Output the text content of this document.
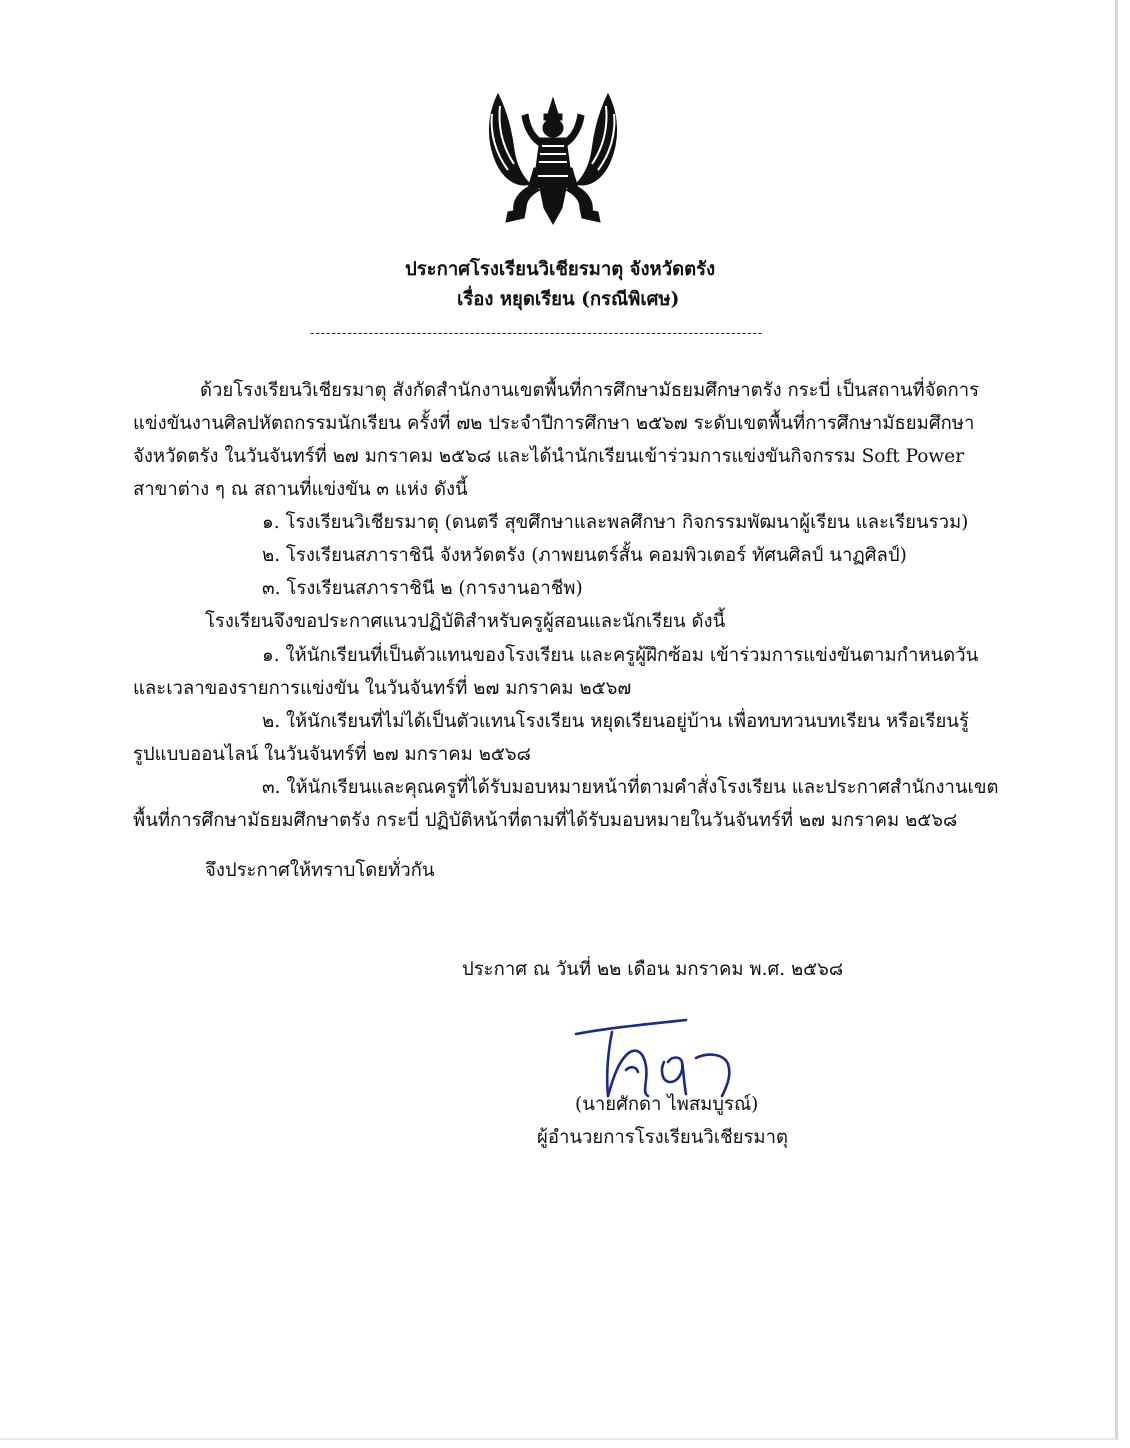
ประกาศโรงเรียนวิเชียรมาตุ จังหวัดตรัง
เรื่อง หยุดเรียน (กรณีพิเศษ)
-------------------------------------------------------------------------------------
ด้วยโรงเรียนวิเชียรมาตุ สังกัดสำนักงานเขตพื้นที่การศึกษามัธยมศึกษาตรัง กระบี่ เป็นสถานที่จัดการ
แข่งขันงานศิลปหัตถกรรมนักเรียน ครั้งที่ ๗๒ ประจำปีการศึกษา ๒๕๖๗ ระดับเขตพื้นที่การศึกษามัธยมศึกษา
จังหวัดตรัง ในวันจันทร์ที่ ๒๗ มกราคม ๒๕๖๘ และได้นำนักเรียนเข้าร่วมการแข่งขันกิจกรรม Soft Power
สาขาต่าง ๆ ณ สถานที่แข่งขัน ๓ แห่ง ดังนี้
๑. โรงเรียนวิเชียรมาตุ (ดนตรี สุขศึกษาและพลศึกษา กิจกรรมพัฒนาผู้เรียน และเรียนรวม)
๒. โรงเรียนสภาราชินี จังหวัดตรัง (ภาพยนตร์สั้น คอมพิวเตอร์ ทัศนศิลป์ นาฏศิลป์)
๓. โรงเรียนสภาราชินี ๒ (การงานอาชีพ)
โรงเรียนจึงขอประกาศแนวปฏิบัติสำหรับครูผู้สอนและนักเรียน ดังนี้
๑. ให้นักเรียนที่เป็นตัวแทนของโรงเรียน และครูผู้ฝึกซ้อม เข้าร่วมการแข่งขันตามกำหนดวัน
และเวลาของรายการแข่งขัน ในวันจันทร์ที่ ๒๗ มกราคม ๒๕๖๗
๒. ให้นักเรียนที่ไม่ได้เป็นตัวแทนโรงเรียน หยุดเรียนอยู่บ้าน เพื่อทบทวนบทเรียน หรือเรียนรู้
รูปแบบออนไลน์ ในวันจันทร์ที่ ๒๗ มกราคม ๒๕๖๘
๓. ให้นักเรียนและคุณครูที่ได้รับมอบหมายหน้าที่ตามคำสั่งโรงเรียน และประกาศสำนักงานเขต
พื้นที่การศึกษามัธยมศึกษาตรัง กระบี่ ปฏิบัติหน้าที่ตามที่ได้รับมอบหมายในวันจันทร์ที่ ๒๗ มกราคม ๒๕๖๘
จึงประกาศให้ทราบโดยทั่วกัน
ประกาศ ณ วันที่ ๒๒ เดือน มกราคม พ.ศ. ๒๕๖๘
(นายศักดา ไพสมบูรณ์)
ผู้อำนวยการโรงเรียนวิเชียรมาตุ
